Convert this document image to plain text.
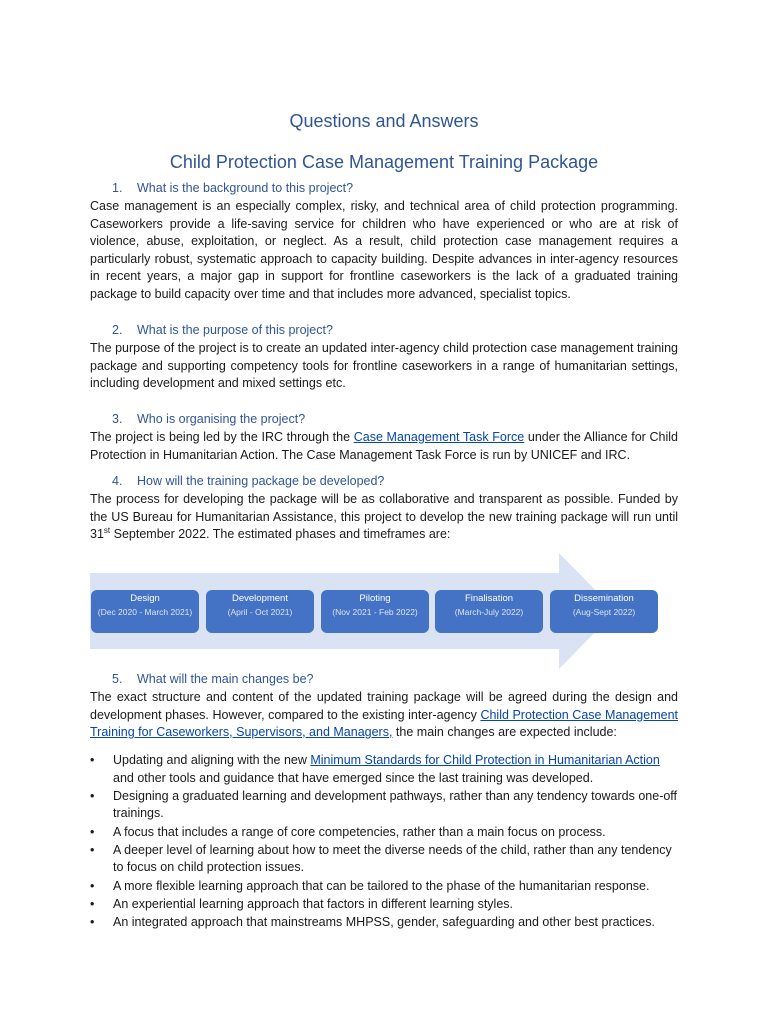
Questions and Answers
Child Protection Case Management Training Package

1. What is the background to this project?

Case management is an especially complex, risky, and technical area of child protection programming. Caseworkers provide a life-saving service for children who have experienced or who are at risk of violence, abuse, exploitation, or neglect. As a result, child protection case management requires a particularly robust, systematic approach to capacity building. Despite advances in inter-agency resources in recent years, a major gap in support for frontline caseworkers is the lack of a graduated training package to build capacity over time and that includes more advanced, specialist topics.

2. What is the purpose of this project?

The purpose of the project is to create an updated inter-agency child protection case management training package and supporting competency tools for frontline caseworkers in a range of humanitarian settings, including development and mixed settings etc.

3. Who is organising the project?

The project is being led by the IRC through the Case Management Task Force under the Alliance for Child Protection in Humanitarian Action. The Case Management Task Force is run by UNICEF and IRC.

4. How will the training package be developed?

The process for developing the package will be as collaborative and transparent as possible. Funded by the US Bureau for Humanitarian Assistance, this project to develop the new training package will run until 31st September 2022. The estimated phases and timeframes are:

Design
(Dec 2020 - March 2021)
Development
(April - Oct 2021)
Piloting
(Nov 2021 - Feb 2022)
Finalisation
(March-July 2022)
Dissemination
(Aug-Sept 2022)

5. What will the main changes be?

The exact structure and content of the updated training package will be agreed during the design and development phases. However, compared to the existing inter-agency Child Protection Case Management Training for Caseworkers, Supervisors, and Managers, the main changes are expected include:

• Updating and aligning with the new Minimum Standards for Child Protection in Humanitarian Action and other tools and guidance that have emerged since the last training was developed.
• Designing a graduated learning and development pathways, rather than any tendency towards one-off trainings.
• A focus that includes a range of core competencies, rather than a main focus on process.
• A deeper level of learning about how to meet the diverse needs of the child, rather than any tendency to focus on child protection issues.
• A more flexible learning approach that can be tailored to the phase of the humanitarian response.
• An experiential learning approach that factors in different learning styles.
• An integrated approach that mainstreams MHPSS, gender, safeguarding and other best practices.
